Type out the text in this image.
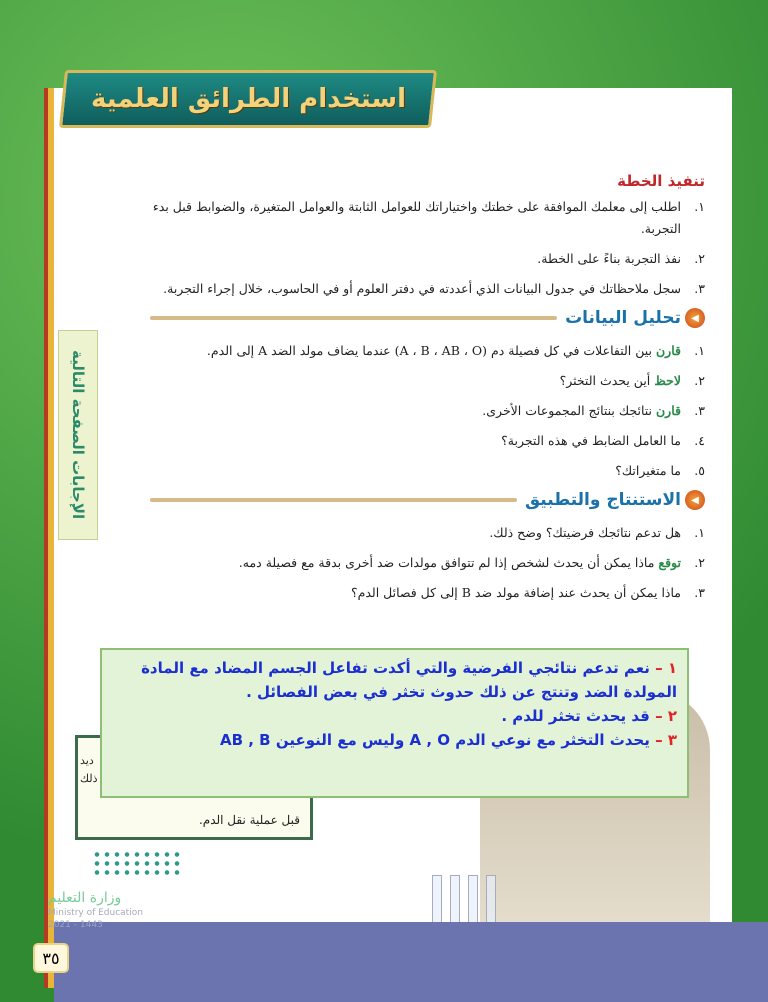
استخدام الطرائق العلمية
الإجابات الصفحة التالية
تنفيذ الخطة
١.
اطلب إلى معلمك الموافقة على خطتك واختياراتك للعوامل الثابتة والعوامل المتغيرة، والضوابط قبل بدء التجربة.
٢.
نفذ التجربة بناءً على الخطة.
٣.
سجل ملاحظاتك في جدول البيانات الذي أعددته في دفتر العلوم أو في الحاسوب، خلال إجراء التجربة.
◀
تحليل البيانات
١.
قارن بين التفاعلات في كل فصيلة دم (A ، B ، AB ، O) عندما يضاف مولد الضد A إلى الدم.
٢.
لاحظ أين يحدث التخثر؟
٣.
قارن نتائجك بنتائج المجموعات الأخرى.
٤.
ما العامل الضابط في هذه التجربة؟
٥.
ما متغيراتك؟
◀
الاستنتاج والتطبيق
١.
هل تدعم نتائجك فرضيتك؟ وضح ذلك.
٢.
توقع ماذا يمكن أن يحدث لشخص إذا لم تتوافق مولدات ضد أخرى بدقة مع فصيلة دمه.
٣.
ماذا يمكن أن يحدث عند إضافة مولد ضد B إلى كل فصائل الدم؟
ديد
ذلك
قبل عملية نقل الدم.
١ – نعم تدعم نتائجي الفرضية والتي أكدت تفاعل الجسم المضاد مع المادة المولدة الضد وتنتج عن ذلك حدوث تخثر في بعض الفصائل .
٢ – قد يحدث تخثر للدم .
٣ – يحدث التخثر مع نوعي الدم A , O وليس مع النوعين AB , B
وزارة التعليم
Ministry of Education
2021 - 1443
٣٥
